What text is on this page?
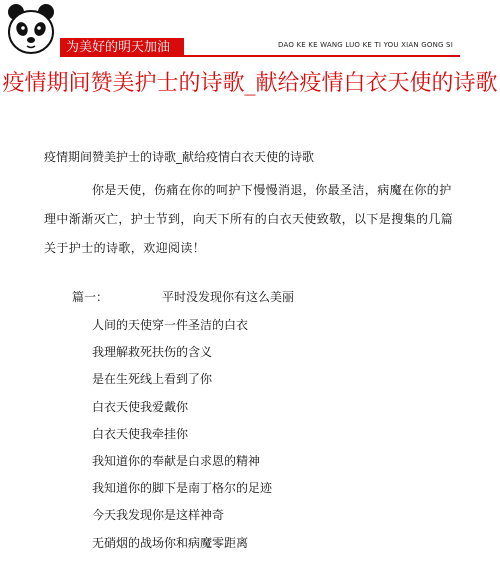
为美好的明天加油	DAO KE KE WANG LUO KE TI YOU XIAN GONG SI
疫情期间赞美护士的诗歌_献给疫情白衣天使的诗歌
疫情期间赞美护士的诗歌_献给疫情白衣天使的诗歌
你是天使，伤痛在你的呵护下慢慢消退，你最圣洁，病魔在你的护理中渐渐灭亡，护士节到，向天下所有的白衣天使致敬，以下是搜集的几篇关于护士的诗歌，欢迎阅读！
篇一：	平时没发现你有这么美丽
人间的天使穿一件圣洁的白衣
我理解救死扶伤的含义
是在生死线上看到了你
白衣天使我爱戴你
白衣天使我牵挂你
我知道你的奉献是白求恩的精神
我知道你的脚下是南丁格尔的足迹
今天我发现你是这样神奇
无硝烟的战场你和病魔零距离
